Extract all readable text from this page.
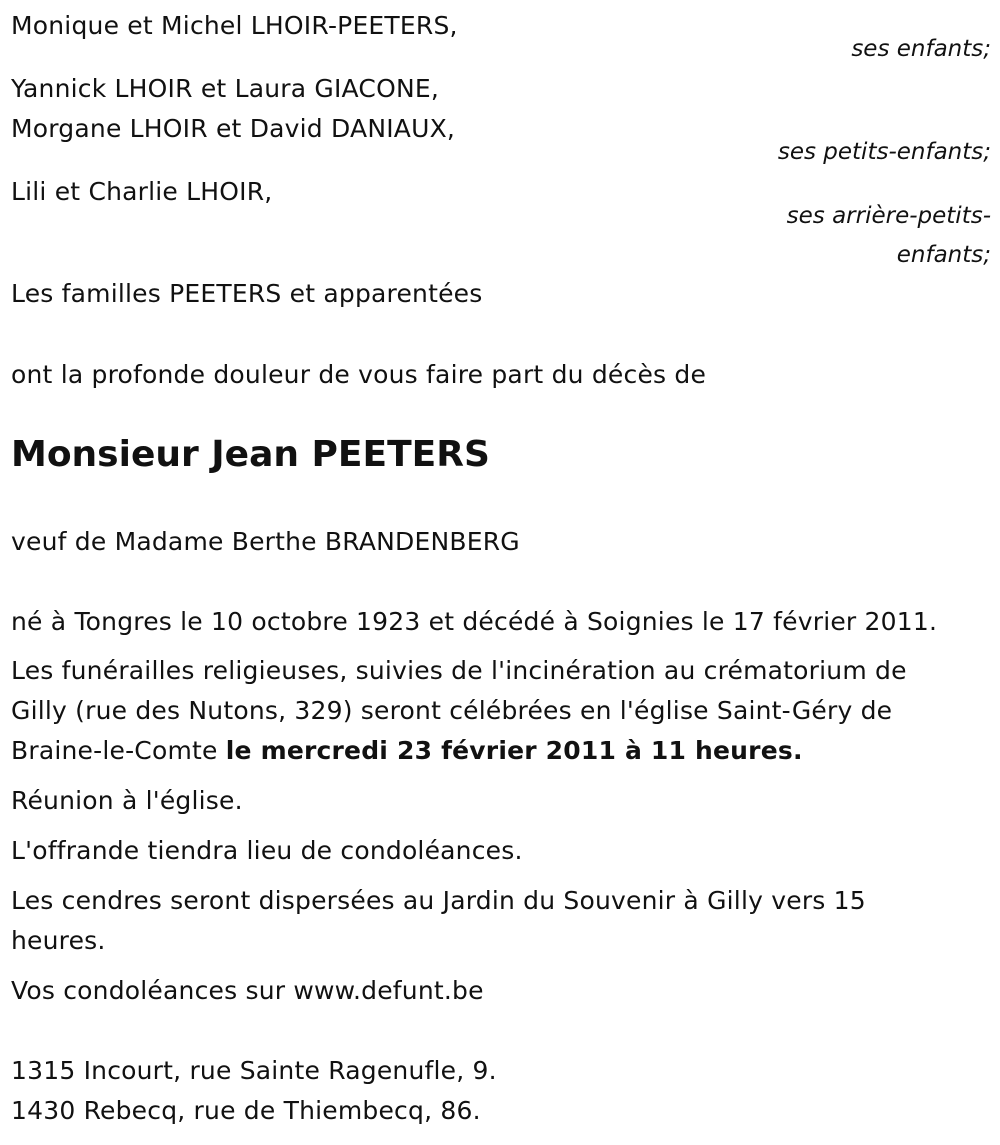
Monique et Michel LHOIR-PEETERS,
ses enfants;
Yannick LHOIR et Laura GIACONE,
Morgane LHOIR et David DANIAUX,
ses petits-enfants;
Lili et Charlie LHOIR,
ses arrière-petits-
enfants;
Les familles PEETERS et apparentées
ont la profonde douleur de vous faire part du décès de
Monsieur Jean PEETERS
veuf de Madame Berthe BRANDENBERG
né à Tongres le 10 octobre 1923 et décédé à Soignies le 17 février 2011.
Les funérailles religieuses, suivies de l'incinération au crématorium de
Gilly (rue des Nutons, 329) seront célébrées en l'église Saint-Géry de
Braine-le-Comte le mercredi 23 février 2011 à 11 heures.
Réunion à l'église.
L'offrande tiendra lieu de condoléances.
Les cendres seront dispersées au Jardin du Souvenir à Gilly vers 15
heures.
Vos condoléances sur www.defunt.be
1315 Incourt, rue Sainte Ragenufle, 9.
1430 Rebecq, rue de Thiembecq, 86.
